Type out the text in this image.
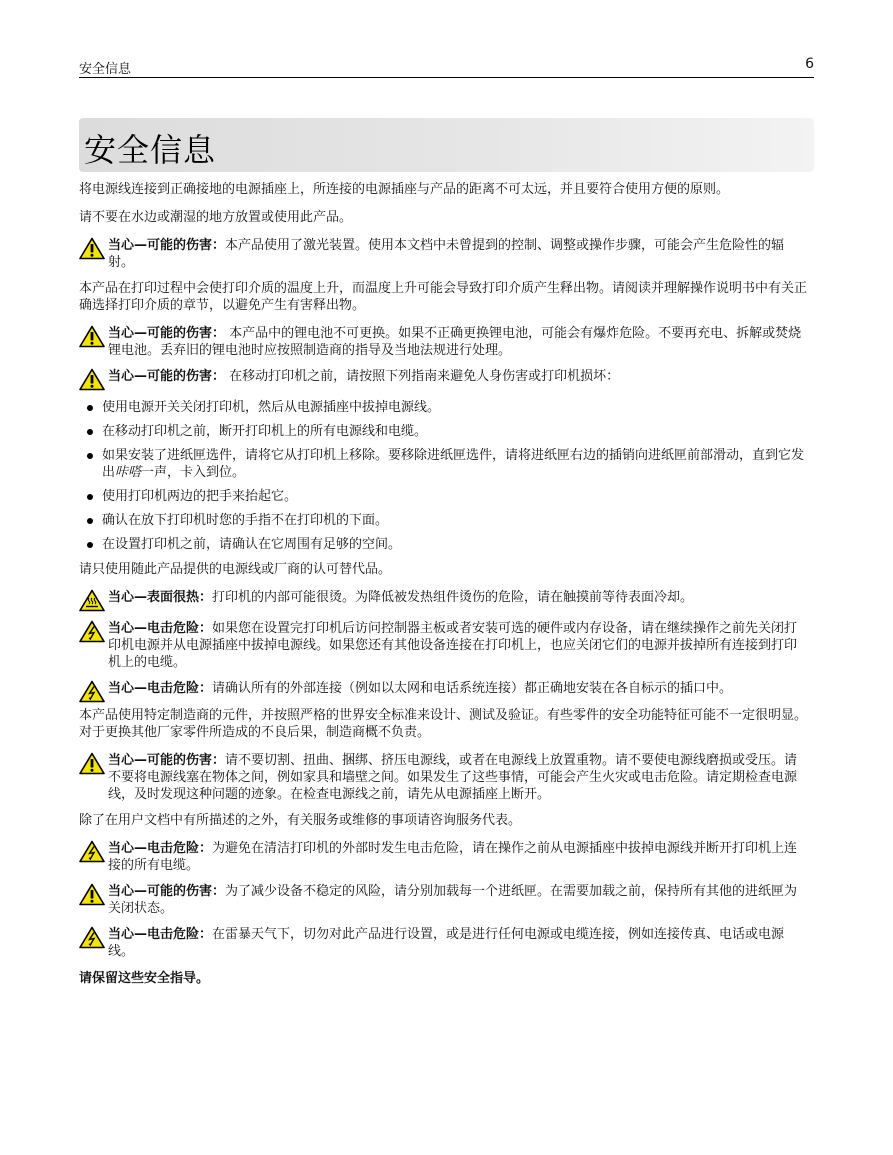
安全信息	6
安全信息

将电源线连接到正确接地的电源插座上，所连接的电源插座与产品的距离不可太远，并且要符合使用方便的原则。

请不要在水边或潮湿的地方放置或使用此产品。

当心—可能的伤害：本产品使用了激光装置。使用本文档中未曾提到的控制、调整或操作步骤，可能会产生危险性的辐射。

本产品在打印过程中会使打印介质的温度上升，而温度上升可能会导致打印介质产生释出物。请阅读并理解操作说明书中有关正确选择打印介质的章节，以避免产生有害释出物。

当心—可能的伤害： 本产品中的锂电池不可更换。如果不正确更换锂电池，可能会有爆炸危险。不要再充电、拆解或焚烧锂电池。丢弃旧的锂电池时应按照制造商的指导及当地法规进行处理。
当心—可能的伤害： 在移动打印机之前，请按照下列指南来避免人身伤害或打印机损坏：
使用电源开关关闭打印机，然后从电源插座中拔掉电源线。
在移动打印机之前，断开打印机上的所有电源线和电缆。
如果安装了进纸匣选件，请将它从打印机上移除。要移除进纸匣选件，请将进纸匣右边的插销向进纸匣前部滑动，直到它发出咔嗒一声，卡入到位。
使用打印机两边的把手来抬起它。
确认在放下打印机时您的手指不在打印机的下面。
在设置打印机之前，请确认在它周围有足够的空间。

请只使用随此产品提供的电源线或厂商的认可替代品。

当心—表面很热：打印机的内部可能很烫。为降低被发热组件烫伤的危险，请在触摸前等待表面冷却。
当心—电击危险：如果您在设置完打印机后访问控制器主板或者安装可选的硬件或内存设备，请在继续操作之前先关闭打印机电源并从电源插座中拔掉电源线。如果您还有其他设备连接在打印机上，也应关闭它们的电源并拔掉所有连接到打印机上的电缆。
当心—电击危险：请确认所有的外部连接（例如以太网和电话系统连接）都正确地安装在各自标示的插口中。

本产品使用特定制造商的元件，并按照严格的世界安全标准来设计、测试及验证。有些零件的安全功能特征可能不一定很明显。对于更换其他厂家零件所造成的不良后果，制造商概不负责。

当心—可能的伤害：请不要切割、扭曲、捆绑、挤压电源线，或者在电源线上放置重物。请不要使电源线磨损或受压。请不要将电源线塞在物体之间，例如家具和墙壁之间。如果发生了这些事情，可能会产生火灾或电击危险。请定期检查电源线，及时发现这种问题的迹象。在检查电源线之前，请先从电源插座上断开。

除了在用户文档中有所描述的之外，有关服务或维修的事项请咨询服务代表。

当心—电击危险：为避免在清洁打印机的外部时发生电击危险，请在操作之前从电源插座中拔掉电源线并断开打印机上连接的所有电缆。
当心—可能的伤害：为了减少设备不稳定的风险，请分别加载每一个进纸匣。在需要加载之前，保持所有其他的进纸匣为关闭状态。
当心—电击危险：在雷暴天气下，切勿对此产品进行设置，或是进行任何电源或电缆连接，例如连接传真、电话或电源线。

请保留这些安全指导。
